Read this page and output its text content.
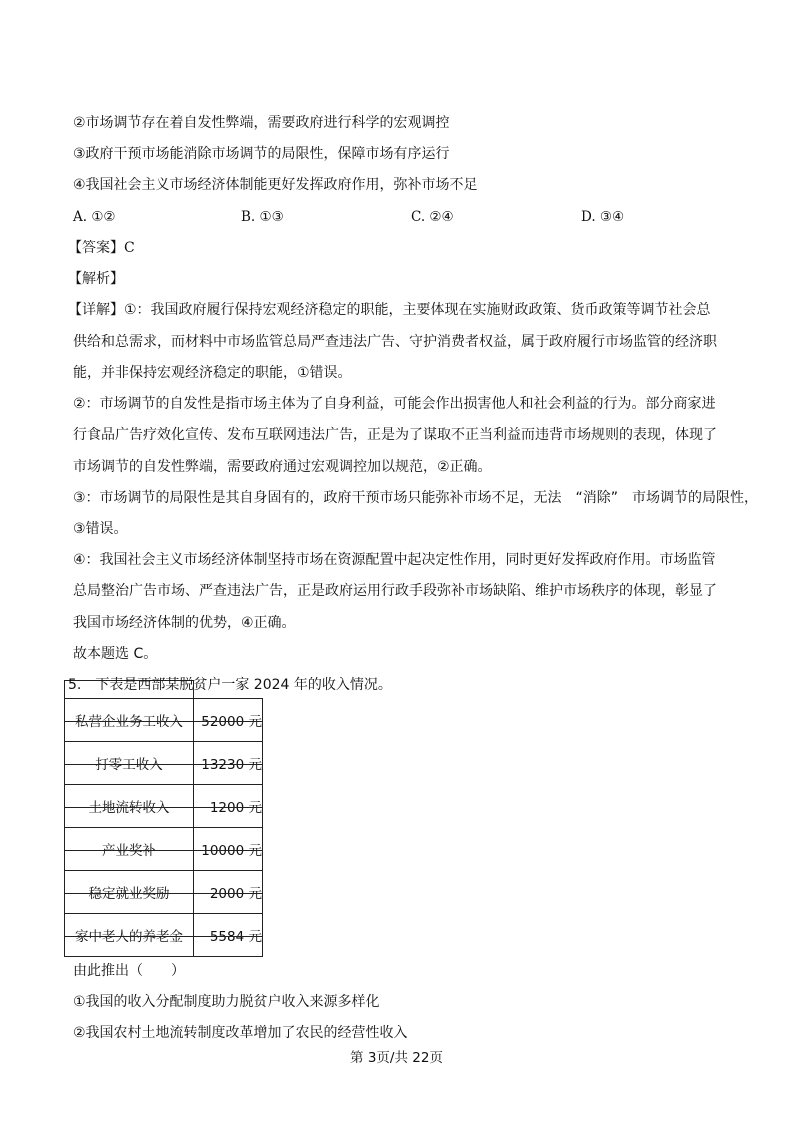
②市场调节存在着自发性弊端，需要政府进行科学的宏观调控
③政府干预市场能消除市场调节的局限性，保障市场有序运行
④我国社会主义市场经济体制能更好发挥政府作用，弥补市场不足
A. ①②	B. ①③	C. ②④	D. ③④
【答案】C
【解析】
【详解】①：我国政府履行保持宏观经济稳定的职能，主要体现在实施财政政策、货币政策等调节社会总
供给和总需求，而材料中市场监管总局严查违法广告、守护消费者权益，属于政府履行市场监管的经济职
能，并非保持宏观经济稳定的职能，①错误。
②：市场调节的自发性是指市场主体为了自身利益，可能会作出损害他人和社会利益的行为。部分商家进
行食品广告疗效化宣传、发布互联网违法广告，正是为了谋取不正当利益而违背市场规则的表现，体现了
市场调节的自发性弊端，需要政府通过宏观调控加以规范，②正确。
③：市场调节的局限性是其自身固有的，政府干预市场只能弥补市场不足，无法　“消除”　市场调节的局限性，
③错误。
④：我国社会主义市场经济体制坚持市场在资源配置中起决定性作用，同时更好发挥政府作用。市场监管
总局整治广告市场、严查违法广告，正是政府运用行政手段弥补市场缺陷、维护市场秩序的体现，彰显了
我国市场经济体制的优势，④正确。
故本题选 C。
5.　下表是西部某脱贫户一家 2024 年的收入情况。
私营企业务工收入	52000 元

打零工收入	13230 元

土地流转收入	1200 元

产业奖补	10000 元

稳定就业奖励	2000 元

家中老人的养老金	5584 元
由此推出（　　）
①我国的收入分配制度助力脱贫户收入来源多样化
②我国农村土地流转制度改革增加了农民的经营性收入
第 3页/共 22页
